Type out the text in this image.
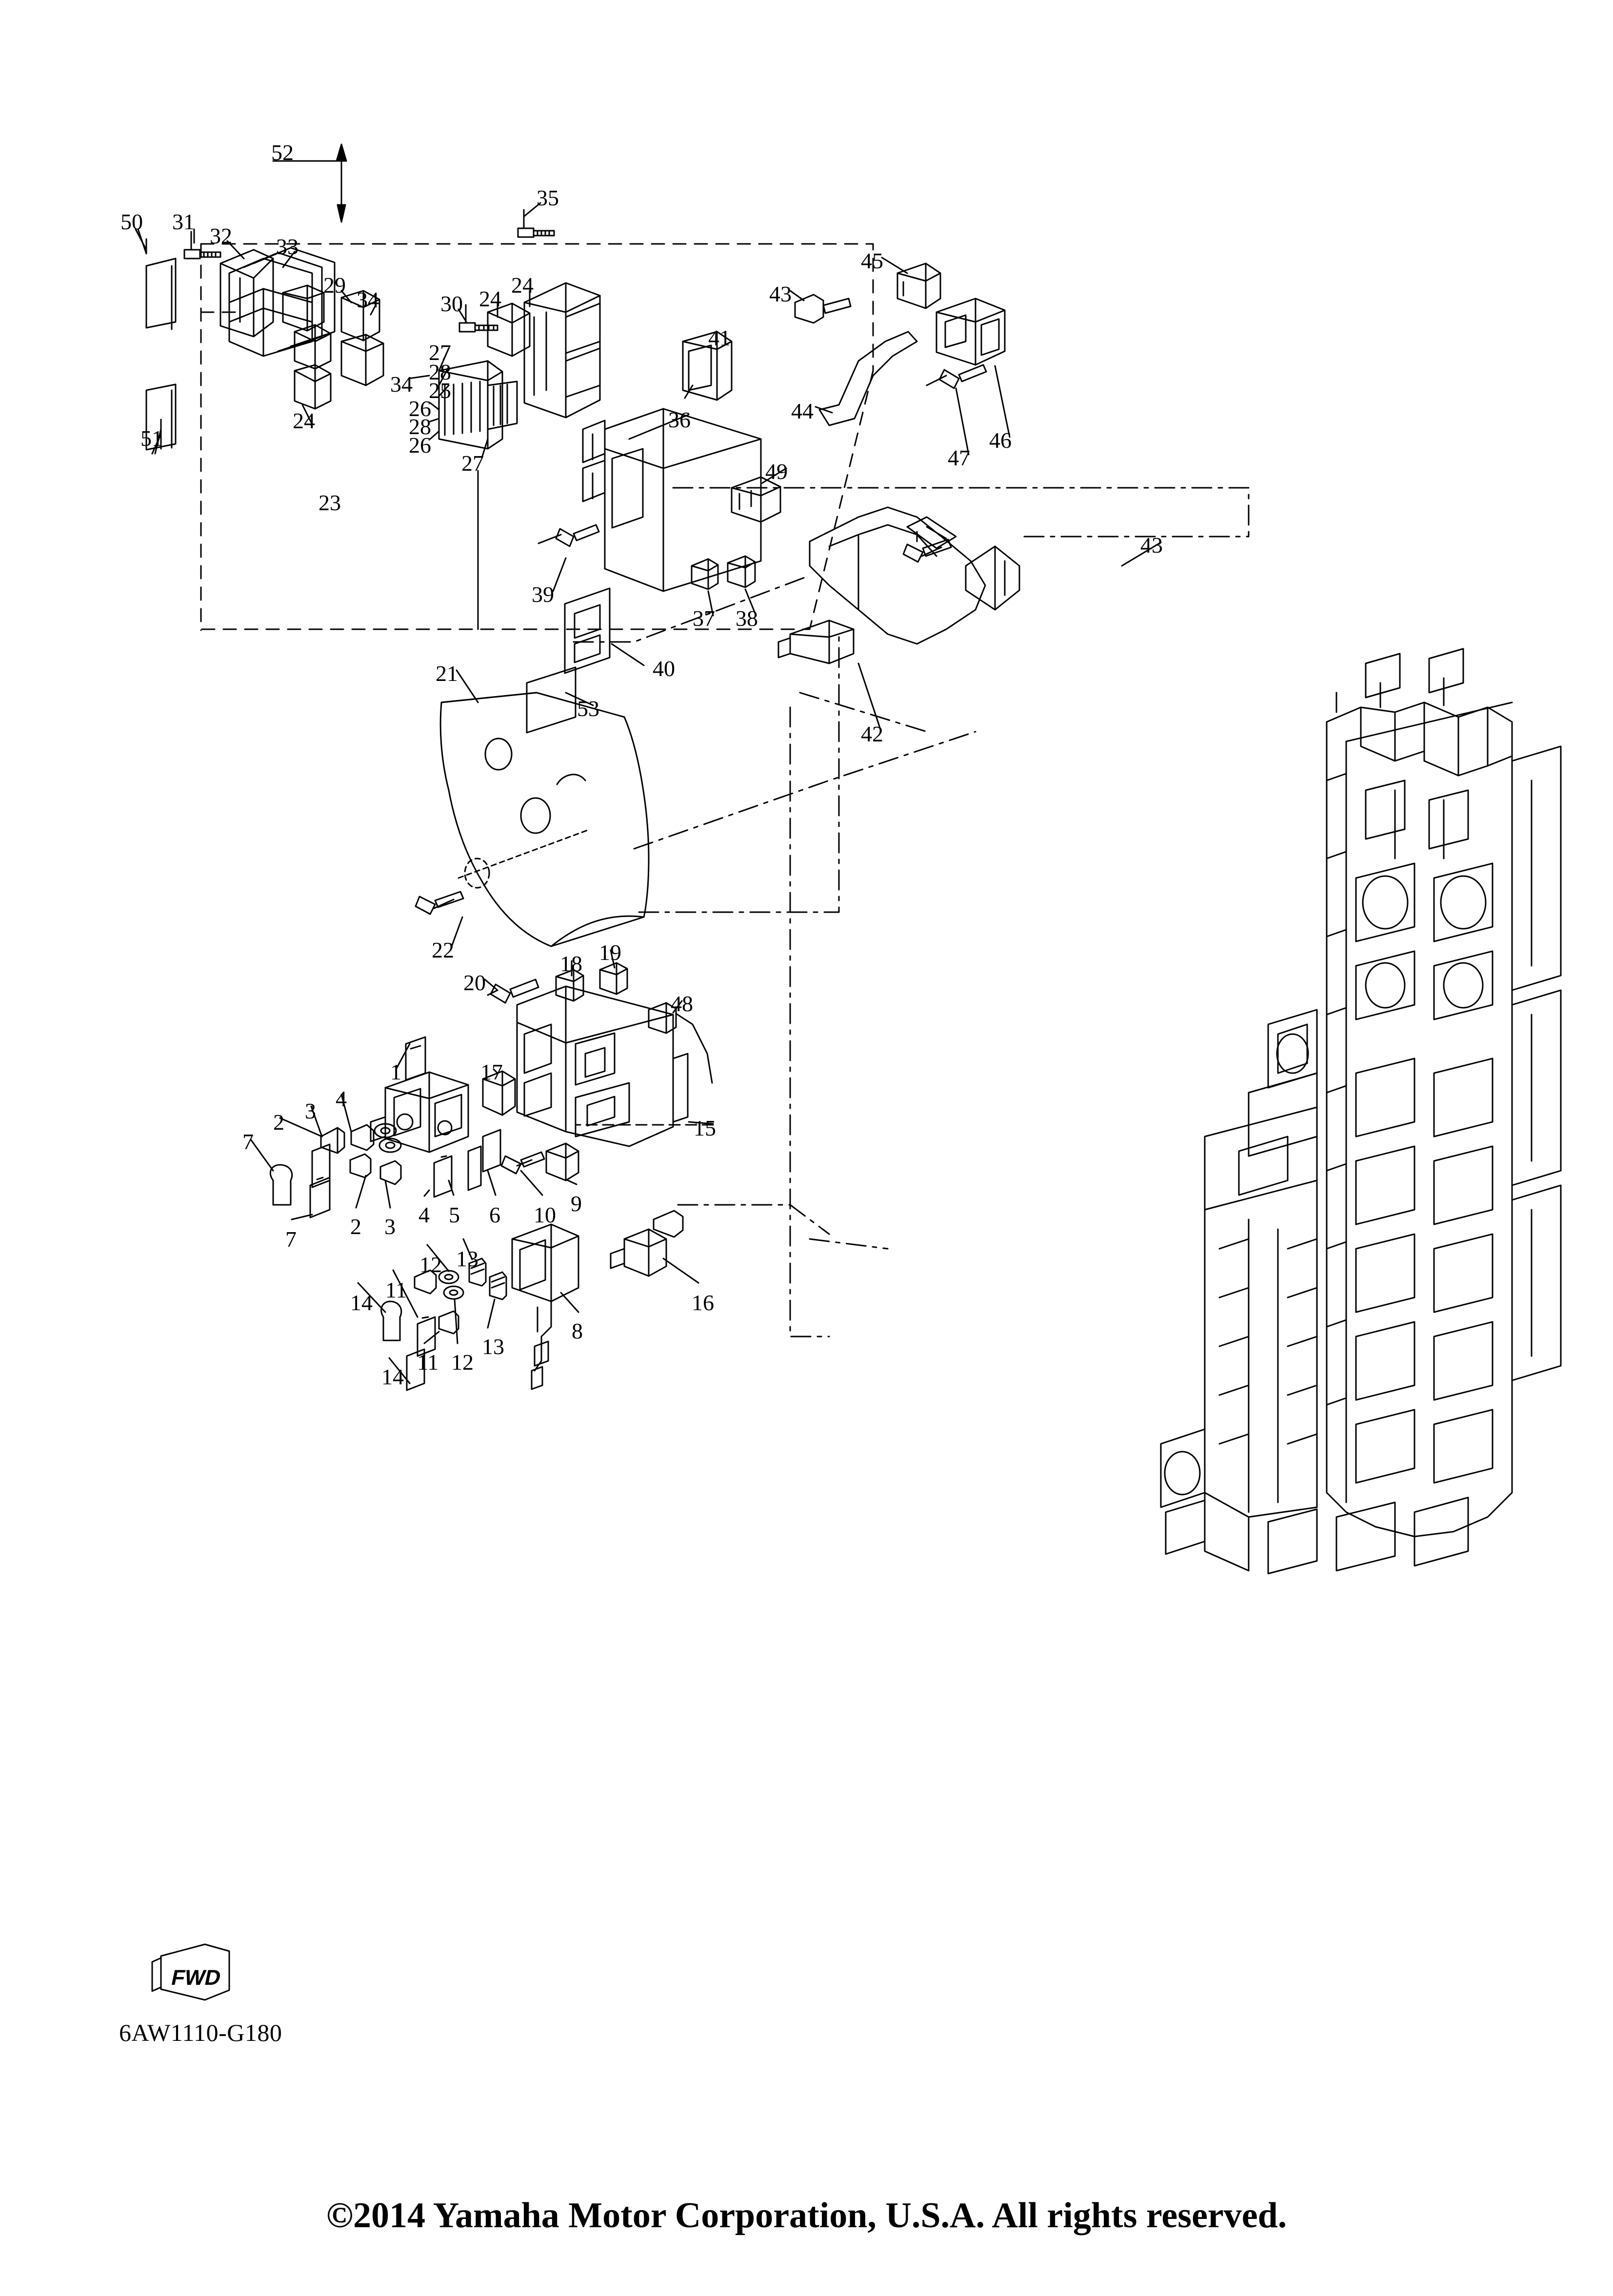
52
50 31
32 33
35
45
43
29
34	30 24
24
41
27
28
25
26
34
24	28
26
27
51
36	44
46
47
23
49
43
39
37 38
40
53
42
21
22
18 19
20
48
1	17
4
3
2
7
15
5 6 10 9
4
3
2
7
12 13
11
14	16
8
13
12
11
14
FWD
6AW1110-G180
©2014 Yamaha Motor Corporation, U.S.A. All rights reserved.
